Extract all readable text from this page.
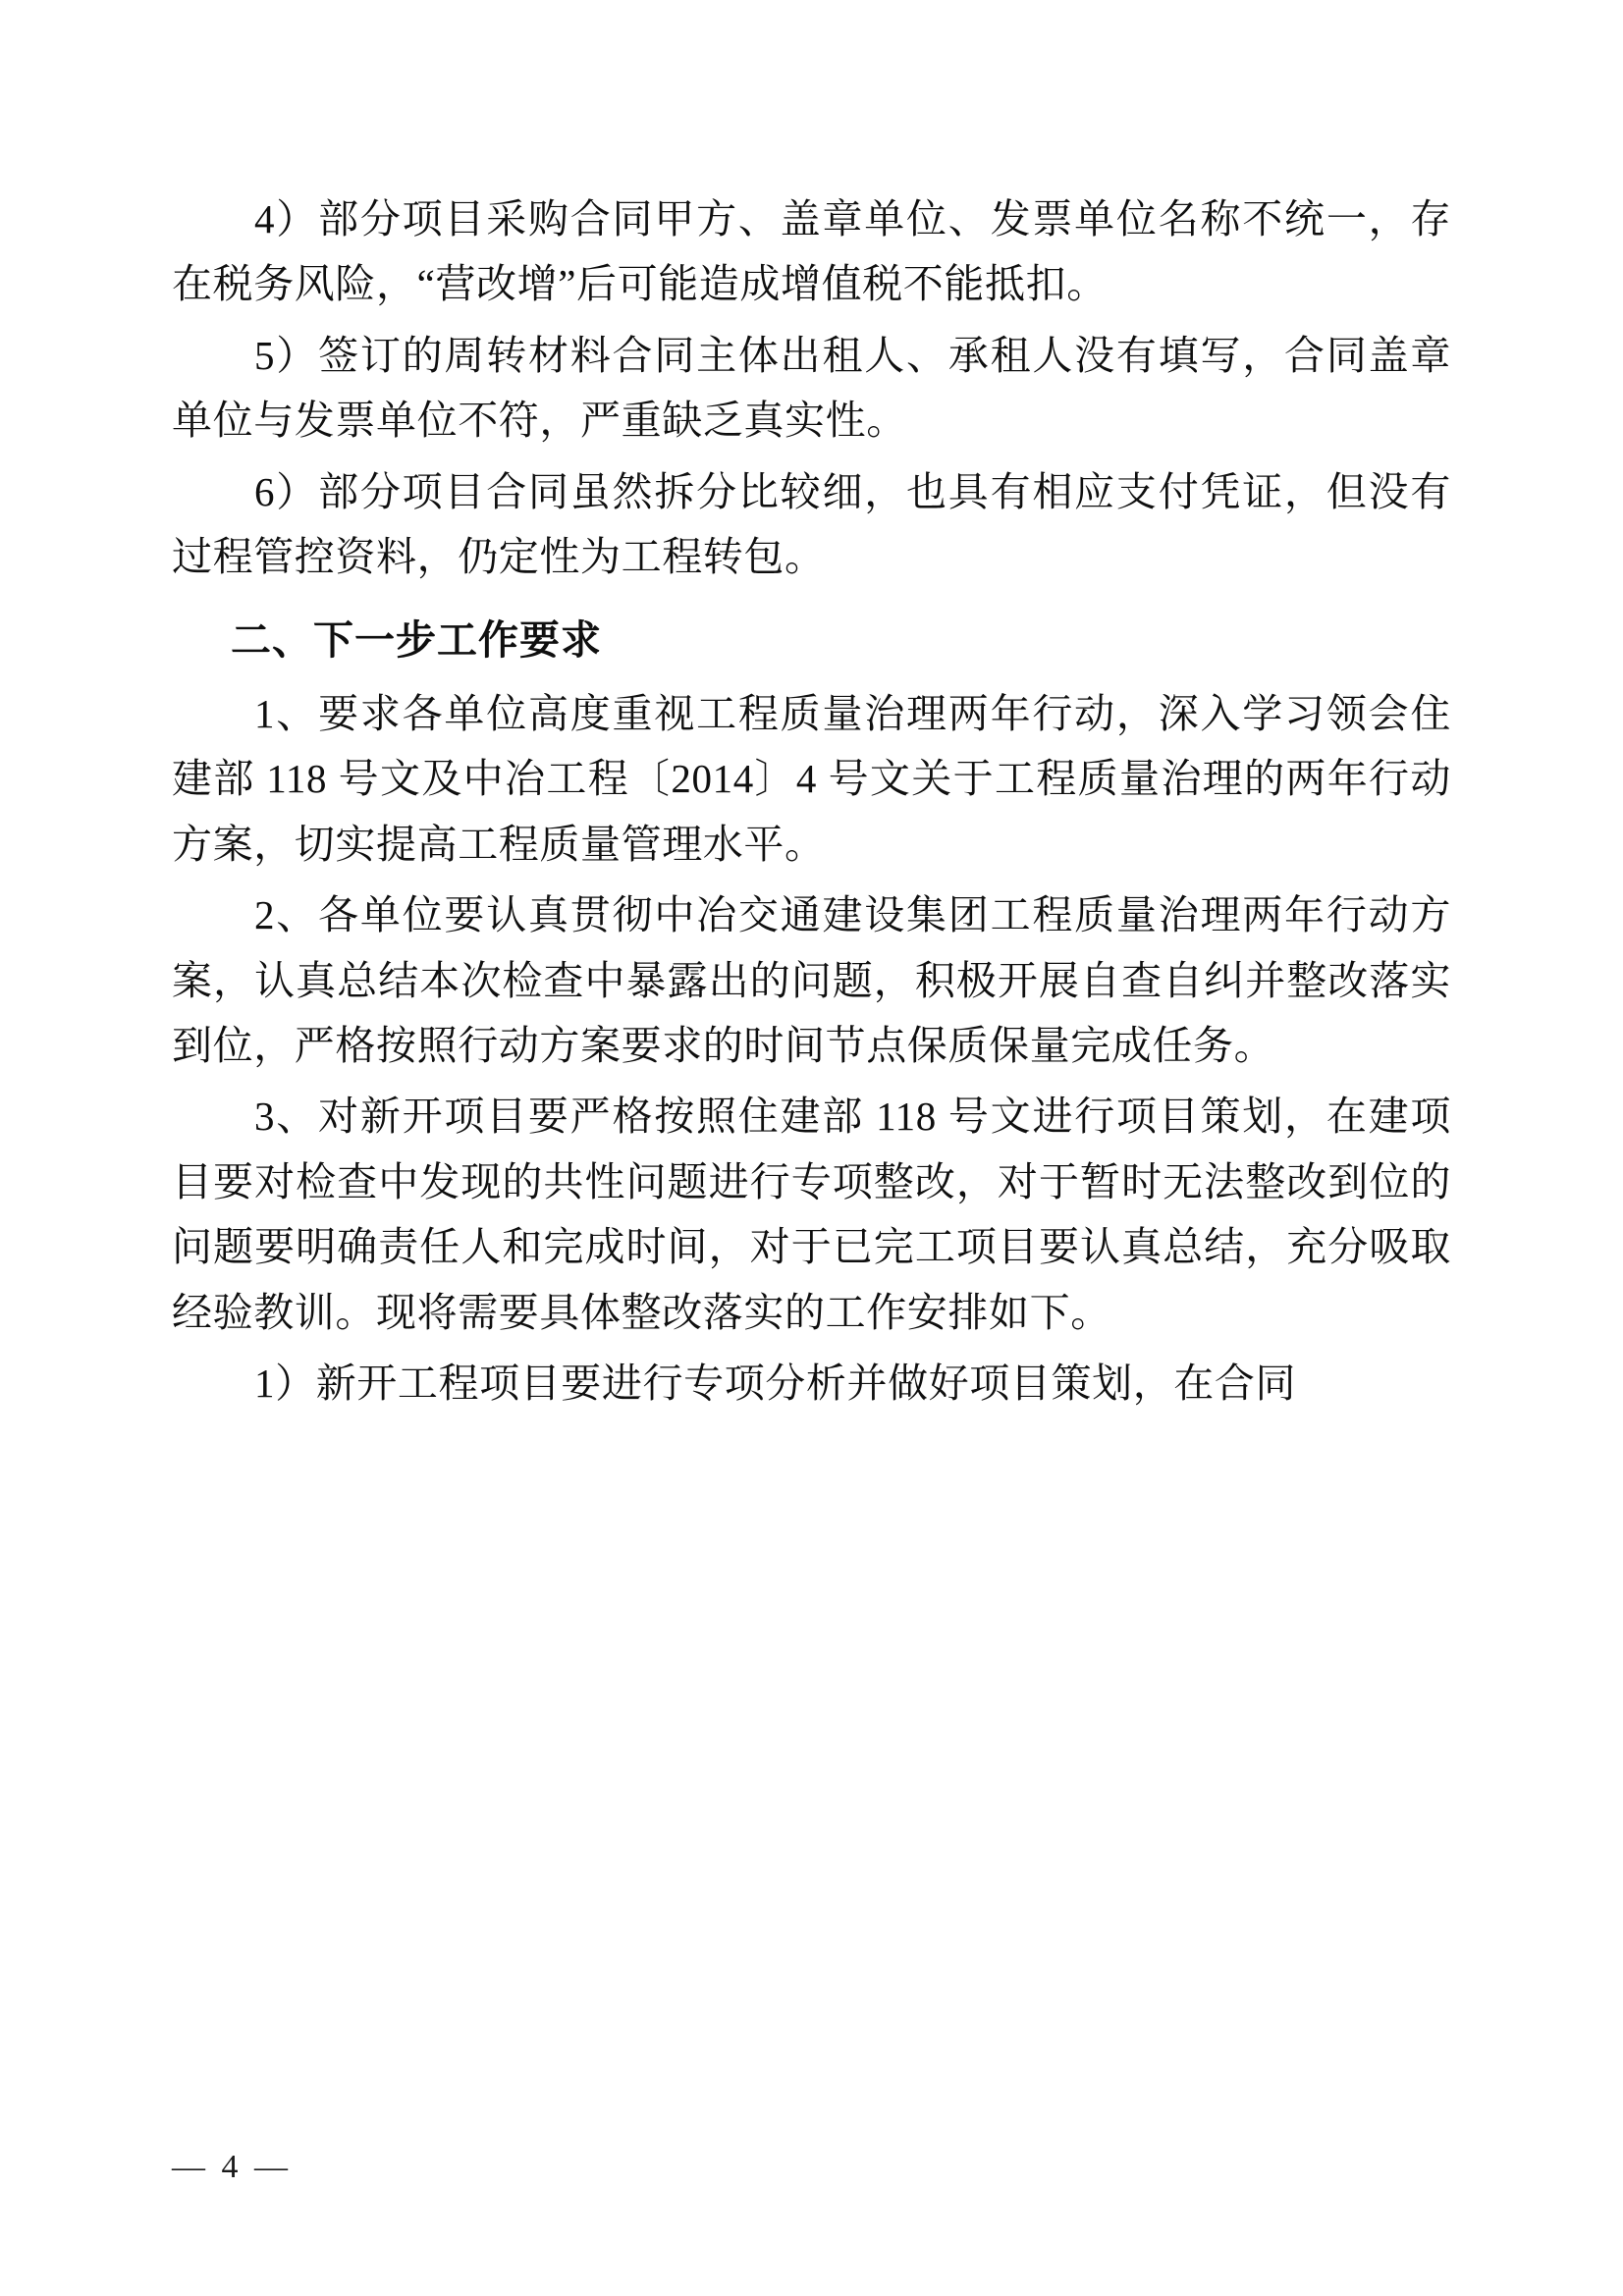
4）部分项目采购合同甲方、盖章单位、发票单位名称不统一，存在税务风险，“营改增”后可能造成增值税不能抵扣。

5）签订的周转材料合同主体出租人、承租人没有填写，合同盖章单位与发票单位不符，严重缺乏真实性。

6）部分项目合同虽然拆分比较细，也具有相应支付凭证，但没有过程管控资料，仍定性为工程转包。

二、下一步工作要求

1、要求各单位高度重视工程质量治理两年行动，深入学习领会住建部 118 号文及中冶工程〔2014〕4 号文关于工程质量治理的两年行动方案，切实提高工程质量管理水平。

2、各单位要认真贯彻中冶交通建设集团工程质量治理两年行动方案，认真总结本次检查中暴露出的问题，积极开展自查自纠并整改落实到位，严格按照行动方案要求的时间节点保质保量完成任务。

3、对新开项目要严格按照住建部 118 号文进行项目策划，在建项目要对检查中发现的共性问题进行专项整改，对于暂时无法整改到位的问题要明确责任人和完成时间，对于已完工项目要认真总结，充分吸取经验教训。现将需要具体整改落实的工作安排如下。

1）新开工程项目要进行专项分析并做好项目策划，在合同

— 4 —
